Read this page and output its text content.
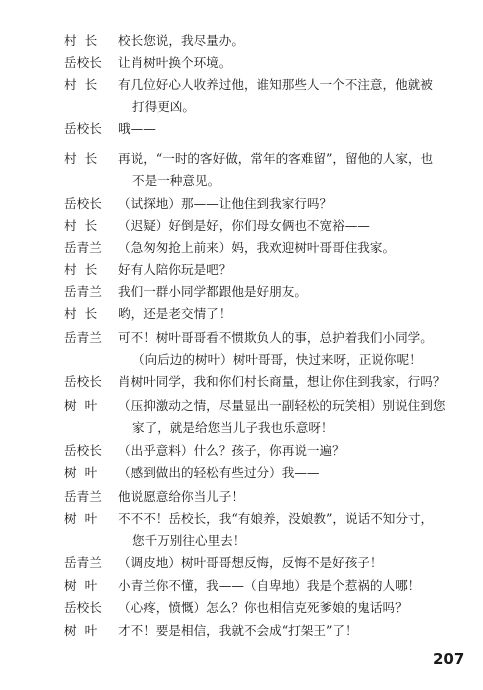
村长	校长您说，我尽量办。
岳校长	让肖树叶换个环境。
村长	有几位好心人收养过他，谁知那些人一个不注意，他就被
打得更凶。
岳校长	哦——
村长	再说，“一时的客好做，常年的客难留”，留他的人家，也
不是一种意见。
岳校长	（试探地）那——让他住到我家行吗？
村长	（迟疑）好倒是好，你们母女俩也不宽裕——
岳青兰	（急匆匆抢上前来）妈，我欢迎树叶哥哥住我家。
村长	好有人陪你玩是吧？
岳青兰	我们一群小同学都跟他是好朋友。
村长	哟，还是老交情了！
岳青兰	可不！树叶哥哥看不惯欺负人的事，总护着我们小同学。
（向后边的树叶）树叶哥哥，快过来呀，正说你呢！
岳校长	肖树叶同学，我和你们村长商量，想让你住到我家，行吗？
树叶	（压抑激动之情，尽量显出一副轻松的玩笑相）别说住到您
家了，就是给您当儿子我也乐意呀！
岳校长	（出乎意料）什么？孩子，你再说一遍？
树叶	（感到做出的轻松有些过分）我——
岳青兰	他说愿意给你当儿子！
树叶	不不不！岳校长，我“有娘养，没娘教”，说话不知分寸，
您千万别往心里去！
岳青兰	（调皮地）树叶哥哥想反悔，反悔不是好孩子！
树叶	小青兰你不懂，我——（自卑地）我是个惹祸的人哪！
岳校长	（心疼，愤慨）怎么？你也相信克死爹娘的鬼话吗？
树叶	才不！要是相信，我就不会成“打架王”了！
207
